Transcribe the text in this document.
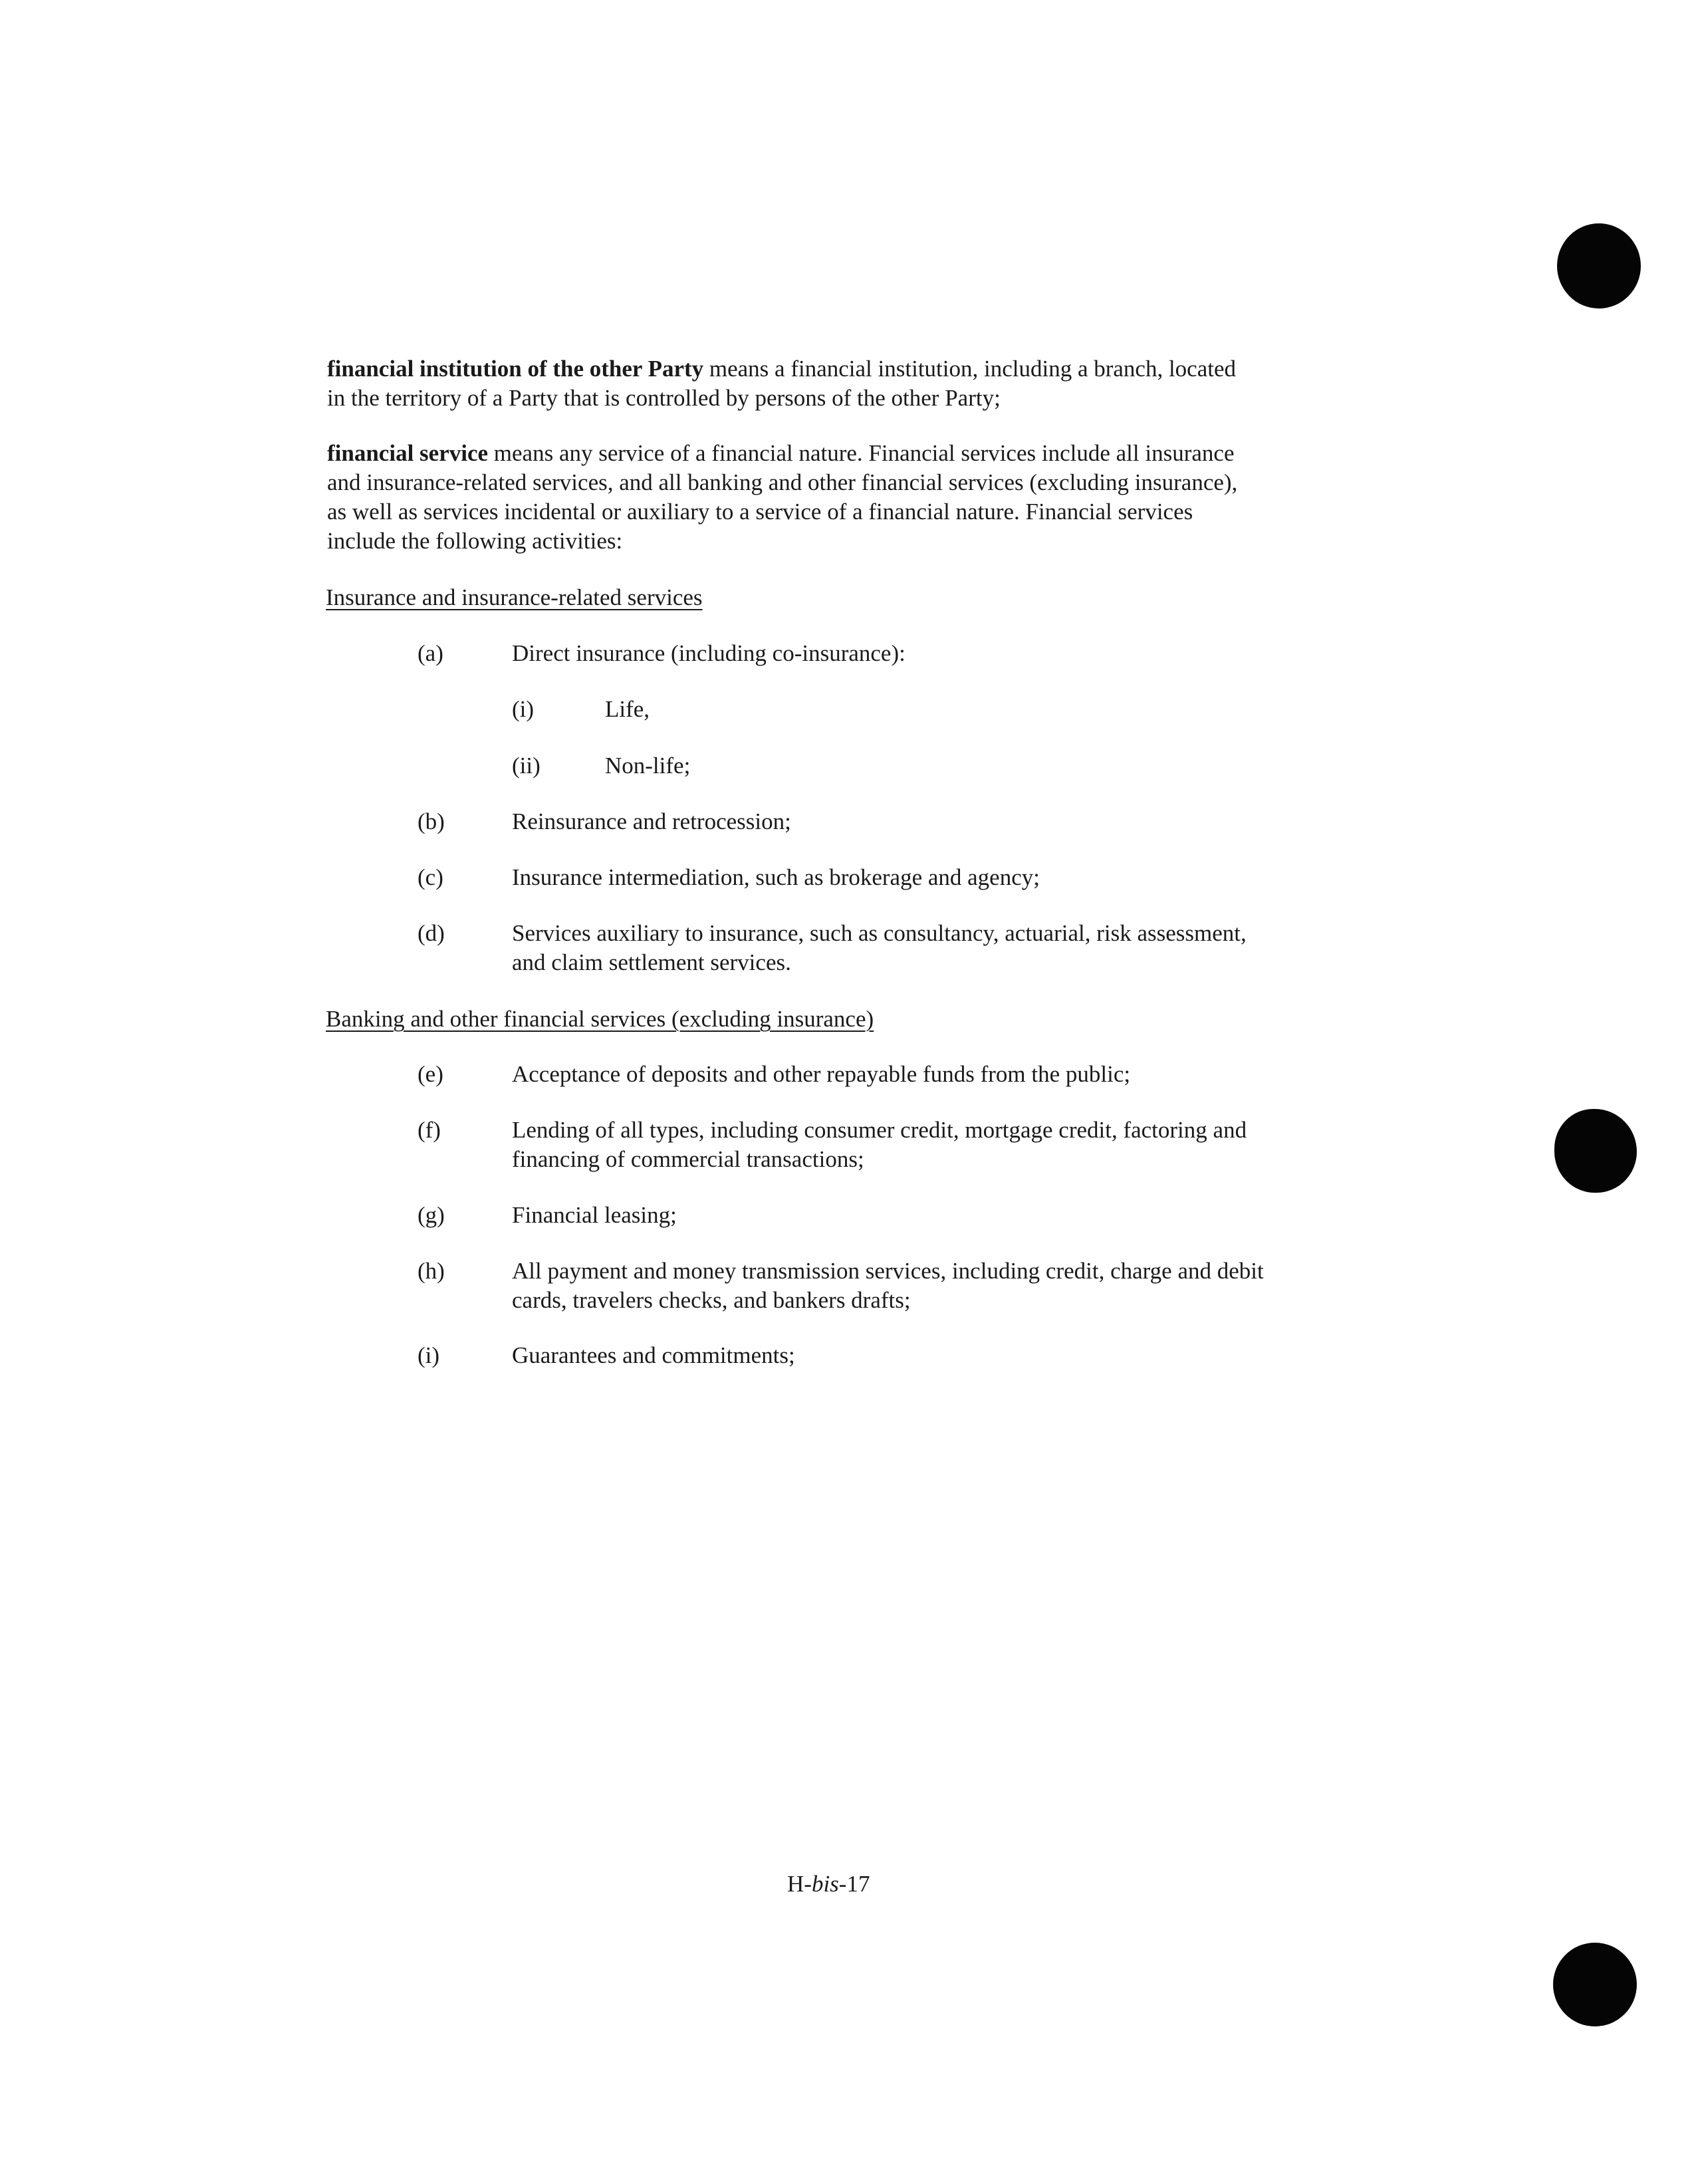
financial institution of the other Party means a financial institution, including a branch, located
in the territory of a Party that is controlled by persons of the other Party;
financial service means any service of a financial nature. Financial services include all insurance
and insurance-related services, and all banking and other financial services (excluding insurance),
as well as services incidental or auxiliary to a service of a financial nature. Financial services
include the following activities:
Insurance and insurance-related services
(a)	Direct insurance (including co-insurance):
(i)	Life,
(ii)	Non-life;
(b)	Reinsurance and retrocession;
(c)	Insurance intermediation, such as brokerage and agency;
(d)	Services auxiliary to insurance, such as consultancy, actuarial, risk assessment,
and claim settlement services.
Banking and other financial services (excluding insurance)
(e)	Acceptance of deposits and other repayable funds from the public;
(f)	Lending of all types, including consumer credit, mortgage credit, factoring and
financing of commercial transactions;
(g)	Financial leasing;
(h)	All payment and money transmission services, including credit, charge and debit
cards, travelers checks, and bankers drafts;
(i)	Guarantees and commitments;
H-bis-17
